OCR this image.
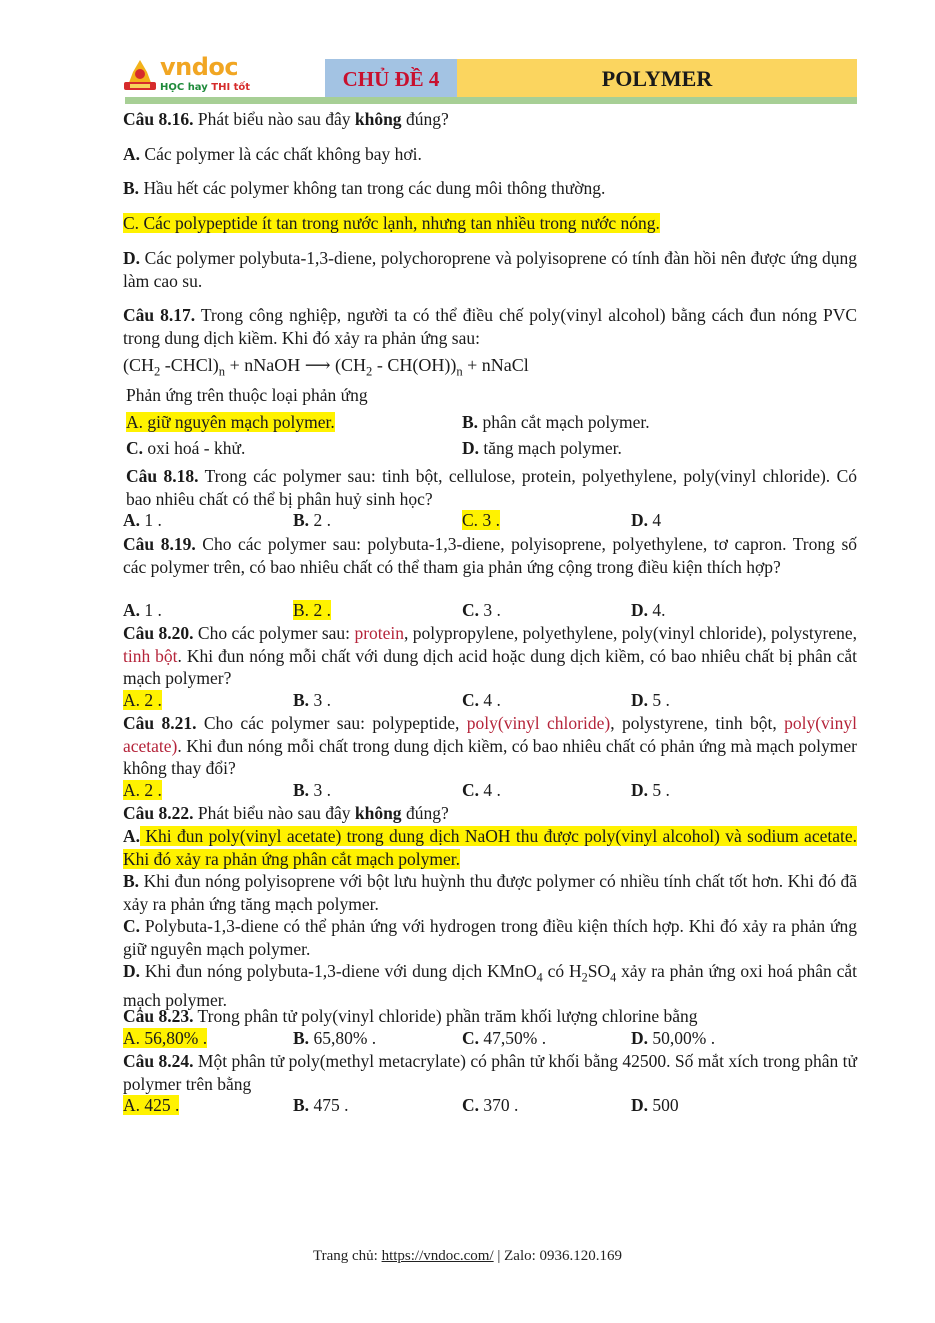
vndoc
HỌC hay THI tốt	CHỦ ĐỀ 4	POLYMER
Câu 8.16. Phát biểu nào sau đây không đúng?
A. Các polymer là các chất không bay hơi.
B. Hầu hết các polymer không tan trong các dung môi thông thường.
C. Các polypeptide ít tan trong nước lạnh, nhưng tan nhiều trong nước nóng.
D. Các polymer polybuta-1,3-diene, polychoroprene và polyisoprene có tính đàn hồi nên được ứng dụng làm cao su.
Câu 8.17. Trong công nghiệp, người ta có thể điều chế poly(vinyl alcohol) bằng cách đun nóng PVC trong dung dịch kiềm. Khi đó xảy ra phản ứng sau:
($CH_2$ $-CHCl)_n$ + nNaOH ⟶ $(CH_2 - CH(OH))_n$ + nNaCl
Phản ứng trên thuộc loại phản ứng
A. giữ nguyên mạch polymer.	B. phân cắt mạch polymer.
C. oxi hoá - khử.	D. tăng mạch polymer.
Câu 8.18. Trong các polymer sau: tinh bột, cellulose, protein, polyethylene, poly(vinyl chloride). Có bao nhiêu chất có thể bị phân huỷ sinh học?
A. 1 .	B. 2 .	C. 3 .	D. 4
Câu 8.19. Cho các polymer sau: polybuta-1,3-diene, polyisoprene, polyethylene, tơ capron. Trong số các polymer trên, có bao nhiêu chất có thể tham gia phản ứng cộng trong điều kiện thích hợp?
A. 1 .	B. 2 .	C. 3 .	D. 4.
Câu 8.20. Cho các polymer sau: protein, polypropylene, polyethylene, poly(vinyl chloride), polystyrene, tinh bột. Khi đun nóng mỗi chất với dung dịch acid hoặc dung dịch kiềm, có bao nhiêu chất bị phân cắt mạch polymer?
A. 2 .	B. 3 .	C. 4 .	D. 5 .
Câu 8.21. Cho các polymer sau: polypeptide, poly(vinyl chloride), polystyrene, tinh bột, poly(vinyl acetate). Khi đun nóng mỗi chất trong dung dịch kiềm, có bao nhiêu chất có phản ứng mà mạch polymer không thay đổi?
A. 2 .	B. 3 .	C. 4 .	D. 5 .
Câu 8.22. Phát biểu nào sau đây không đúng?
A. Khi đun poly(vinyl acetate) trong dung dịch NaOH thu được poly(vinyl alcohol) và sodium acetate. Khi đó xảy ra phản ứng phân cắt mạch polymer.
B. Khi đun nóng polyisoprene với bột lưu huỳnh thu được polymer có nhiều tính chất tốt hơn. Khi đó đã xảy ra phản ứng tăng mạch polymer.
C. Polybuta-1,3-diene có thể phản ứng với hydrogen trong điều kiện thích hợp. Khi đó xảy ra phản ứng giữ nguyên mạch polymer.
D. Khi đun nóng polybuta-1,3-diene với dung dịch KMnO$_4$ có $H_2SO_4$ xảy ra phản ứng oxi hoá phân cắt mạch polymer.
Câu 8.23. Trong phân tử poly(vinyl chloride) phần trăm khối lượng chlorine bằng
A. 56,80% .	B. 65,80% .	C. 47,50% .	D. 50,00% .
Câu 8.24. Một phân tử poly(methyl metacrylate) có phân tử khối bằng 42500. Số mắt xích trong phân tử polymer trên bằng
A. 425 .	B. 475 .	C. 370 .	D. 500
Trang chủ: https://vndoc.com/ | Zalo: 0936.120.169
